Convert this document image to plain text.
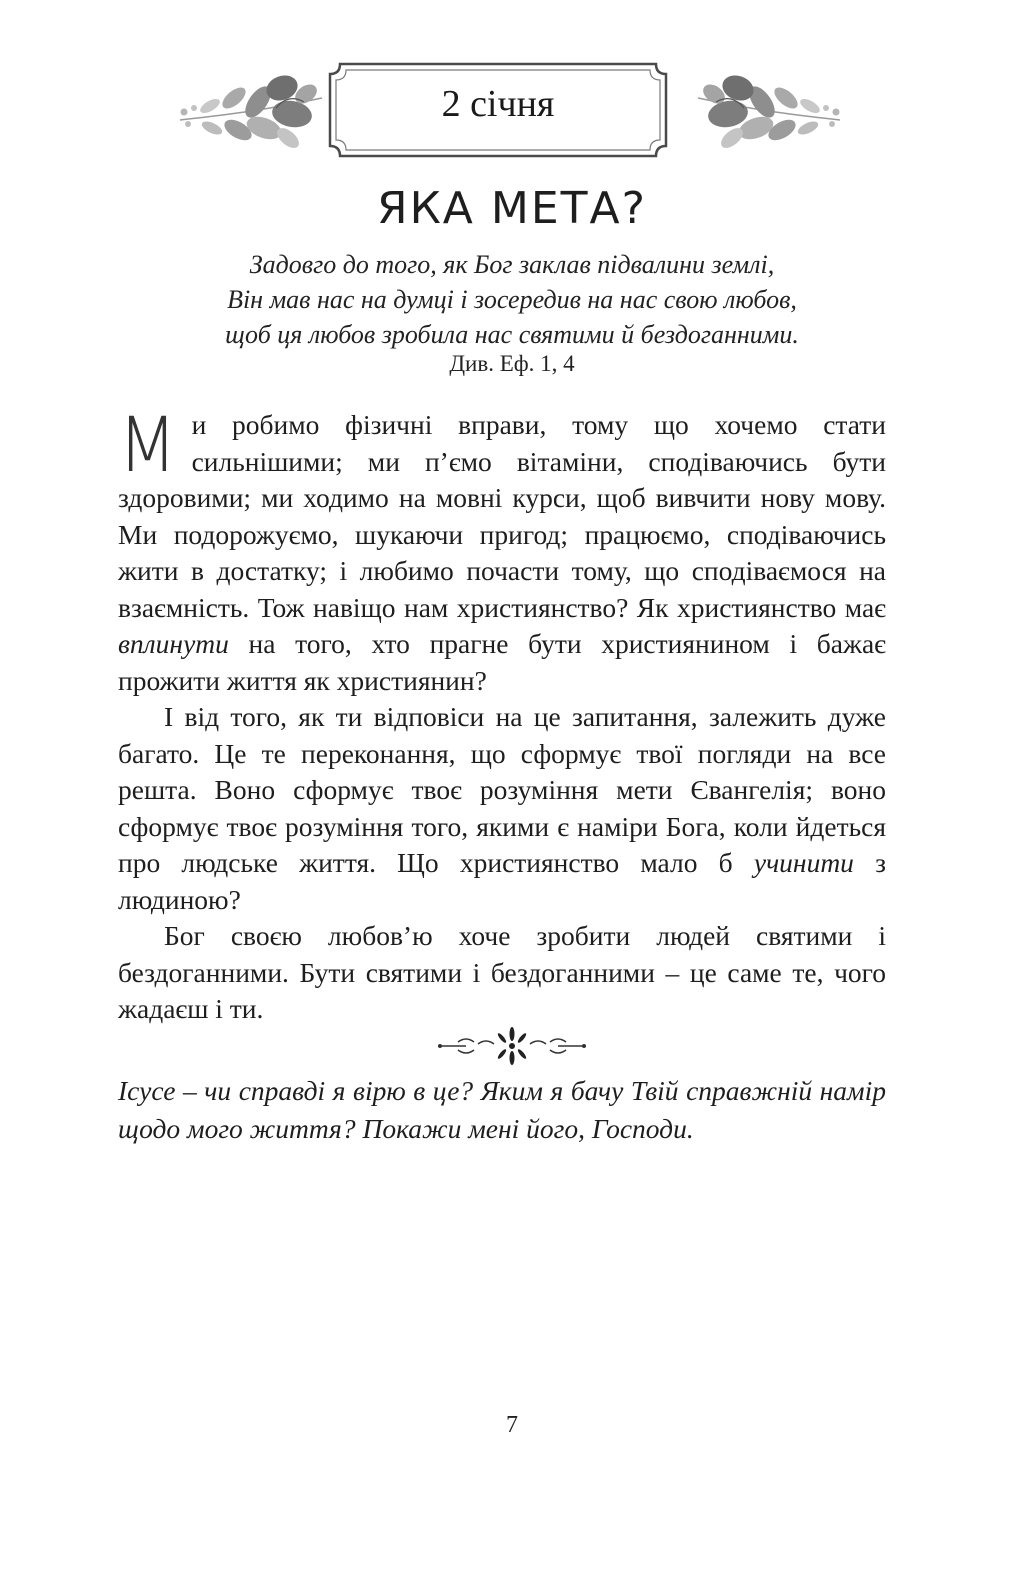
2 січня
ЯКА МЕТА?
Задовго до того, як Бог заклав підвалини землі,
Він мав нас на думці і зосередив на нас свою любов,
щоб ця любов зробила нас святими й бездоганними.
Див. Еф. 1, 4

Ми робимо фізичні вправи, тому що хочемо стати сильнішими; ми п’ємо вітаміни, сподіваючись бути здоровими; ми ходимо на мовні курси, щоб вивчити нову мову. Ми подорожуємо, шукаючи пригод; працюємо, сподіваючись жити в достатку; і любимо почасти тому, що сподіваємося на взаємність. Тож навіщо нам християнство? Як християнство має вплинути на того, хто прагне бути християнином і бажає прожити життя як християнин?

І від того, як ти відповіси на це запитання, залежить дуже багато. Це те переконання, що сформує твої погляди на все решта. Воно сформує твоє розуміння мети Євангелія; воно сформує твоє розуміння того, якими є наміри Бога, коли йдеться про людське життя. Що християнство мало б учинити з людиною?

Бог своєю любов’ю хоче зробити людей святими і бездоганними. Бути святими і бездоганними – це саме те, чого жадаєш і ти.

Ісусе – чи справді я вірю в це? Яким я бачу Твій справжній намір щодо мого життя? Покажи мені його, Господи.
7
